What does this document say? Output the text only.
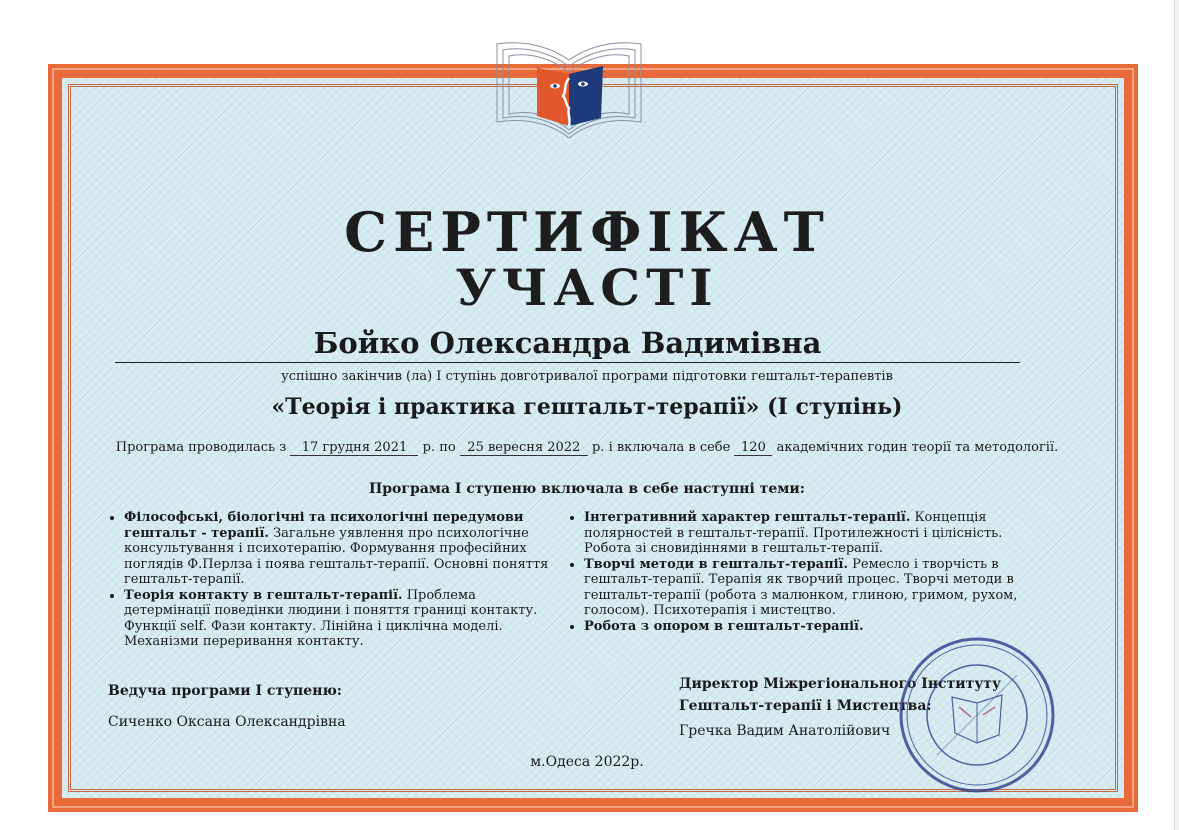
СЕРТИФІКАТ
УЧАСТІ
Бойко Олександра Вадимівна
успішно закінчив (ла) І ступінь довготривалої програми підготовки гештальт-терапевтів
«Теорія і практика гештальт-терапії» (І ступінь)
Програма проводилась з 17 грудня 2021 р. по 25 вересня 2022 р. і включала в себе 120 академічних годин теорії та методології.
Програма І ступеню включала в себе наступні теми:
• Філософські, біологічні та психологічні передумови гештальт - терапії. Загальне уявлення про психологічне консультування і психотерапію. Формування професійних поглядів Ф.Перлза і поява гештальт-терапії. Основні поняття гештальт-терапії.
• Теорія контакту в гештальт-терапії. Проблема детермінації поведінки людини і поняття границі контакту. Функції self. Фази контакту. Лінійна і циклічна моделі. Механізми переривання контакту.
• Інтегративний характер гештальт-терапії. Концепція полярностей в гештальт-терапії. Протилежності і цілісність. Робота зі сновидіннями в гештальт-терапії.
• Творчі методи в гештальт-терапії. Ремесло і творчість в гештальт-терапії. Терапія як творчий процес. Творчі методи в гештальт-терапії (робота з малюнком, глиною, гримом, рухом, голосом). Психотерапія і мистецтво.
• Робота з опором в гештальт-терапії.
Ведуча програми І ступеню:
Сиченко Оксана Олександрівна
Директор Міжрегіонального Інституту
Гештальт-терапії і Мистецтва:
Гречка Вадим Анатолійович
м.Одеса 2022р.
